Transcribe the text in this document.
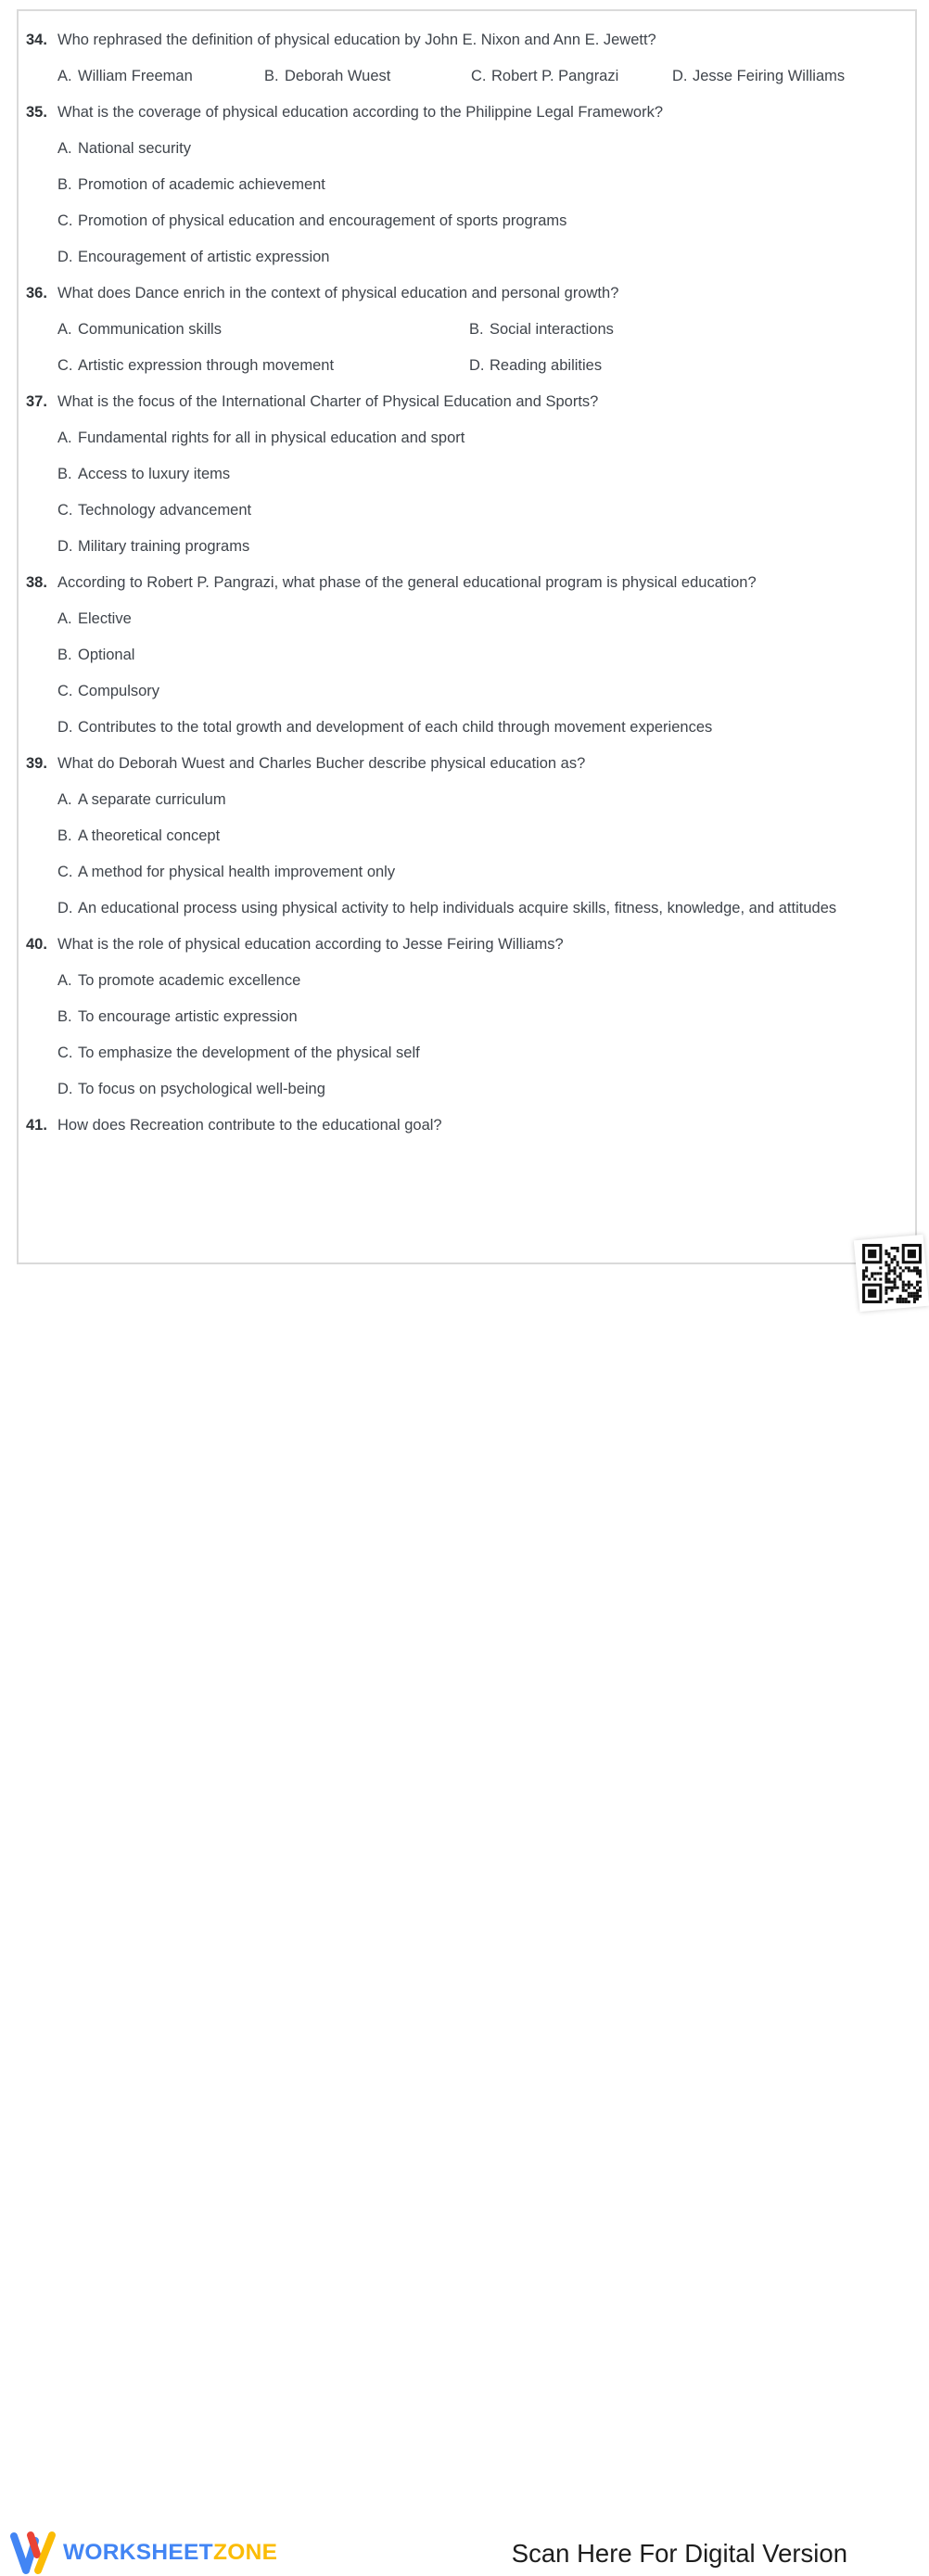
34. Who rephrased the definition of physical education by John E. Nixon and Ann E. Jewett?
A. William Freeman	B. Deborah Wuest	C. Robert P. Pangrazi	D. Jesse Feiring Williams
35. What is the coverage of physical education according to the Philippine Legal Framework?
A. National security
B. Promotion of academic achievement
C. Promotion of physical education and encouragement of sports programs
D. Encouragement of artistic expression
36. What does Dance enrich in the context of physical education and personal growth?
A. Communication skills	B. Social interactions
C. Artistic expression through movement	D. Reading abilities
37. What is the focus of the International Charter of Physical Education and Sports?
A. Fundamental rights for all in physical education and sport
B. Access to luxury items
C. Technology advancement
D. Military training programs
38. According to Robert P. Pangrazi, what phase of the general educational program is physical education?
A. Elective
B. Optional
C. Compulsory
D. Contributes to the total growth and development of each child through movement experiences
39. What do Deborah Wuest and Charles Bucher describe physical education as?
A. A separate curriculum
B. A theoretical concept
C. A method for physical health improvement only
D. An educational process using physical activity to help individuals acquire skills, fitness, knowledge, and attitudes
40. What is the role of physical education according to Jesse Feiring Williams?
A. To promote academic excellence
B. To encourage artistic expression
C. To emphasize the development of the physical self
D. To focus on psychological well-being
41. How does Recreation contribute to the educational goal?
WORKSHEETZONE	Scan Here For Digital Version
